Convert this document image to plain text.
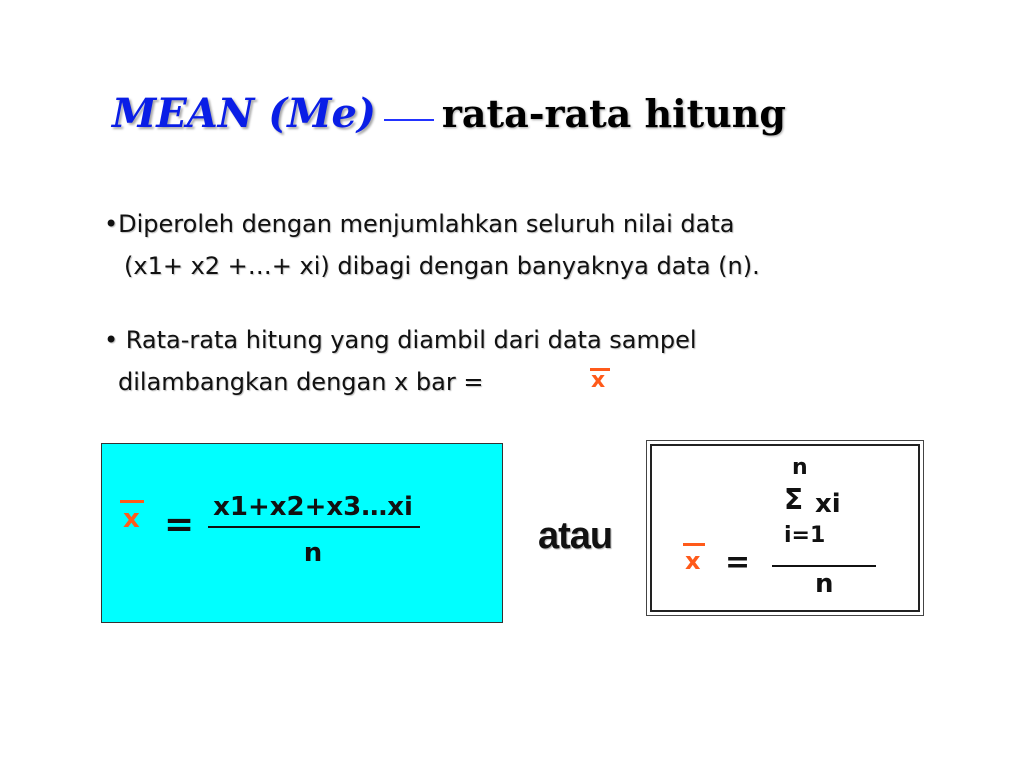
MEAN (Me) rata-rata hitung
•Diperoleh dengan menjumlahkan seluruh nilai data
(x1+ x2 +…+ xi) dibagi dengan banyaknya data (n).
• Rata-rata hitung yang diambil dari data sampel
dilambangkan dengan x bar =	x
x = x1+x2+x3…xi
n	atau
n
Σ xi
i=1
x =
n
